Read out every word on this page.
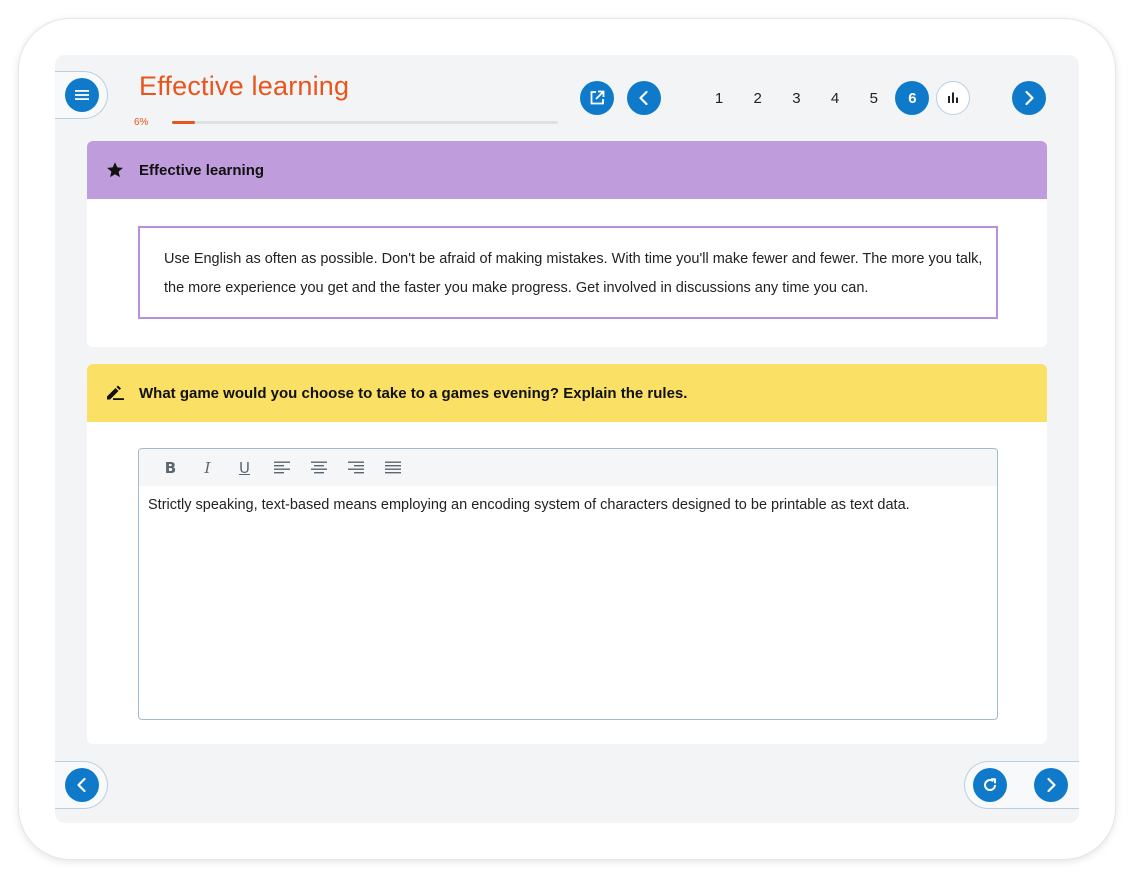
Effective learning
6%
1	2	3	4	5	6
Effective learning
Use English as often as possible. Don't be afraid of making mistakes. With time you'll make fewer and fewer. The more you talk, the more experience you get and the faster you make progress. Get involved in discussions any time you can.
What game would you choose to take to a games evening? Explain the rules.
B I U
Strictly speaking, text-based means employing an encoding system of characters designed to be printable as text data.
